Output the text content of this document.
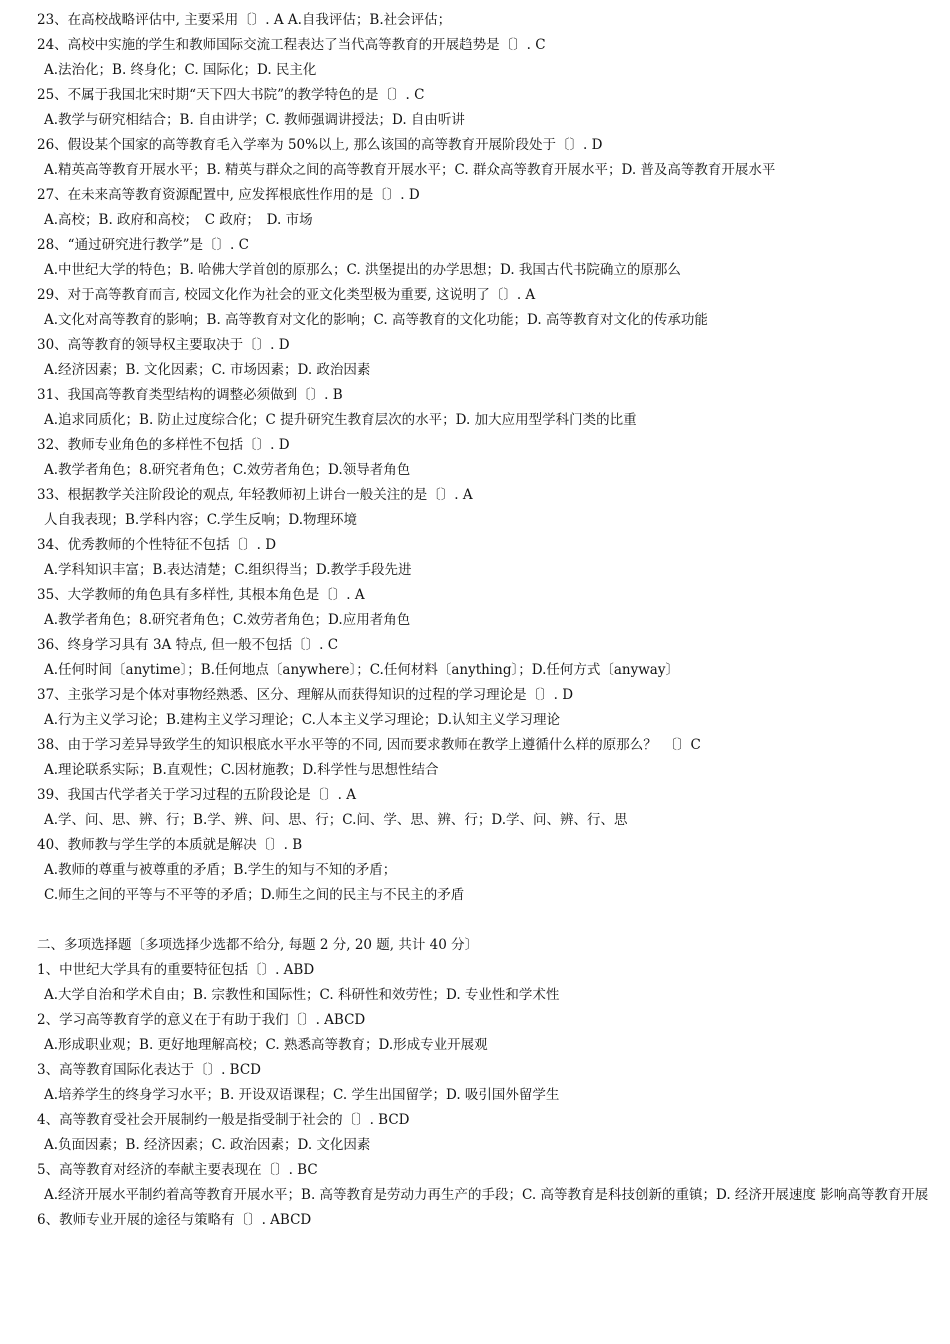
23、在高校战略评估中, 主要采用〔〕. A A.自我评估；B.社会评估；
24、高校中实施的学生和教师国际交流工程表达了当代高等教育的开展趋势是〔〕. C
A.法治化；B. 终身化；C. 国际化；D. 民主化
25、不属于我国北宋时期“天下四大书院”的教学特色的是〔〕. C
A.教学与研究相结合；B. 自由讲学；C. 教师强调讲授法；D. 自由听讲
26、假设某个国家的高等教育毛入学率为 50%以上, 那么该国的高等教育开展阶段处于〔〕. D
A.精英高等教育开展水平；B. 精英与群众之间的高等教育开展水平；C. 群众高等教育开展水平；D. 普及高等教育开展水平
27、在未来高等教育资源配置中, 应发挥根底性作用的是〔〕. D
A.高校；B. 政府和高校；　C 政府；　D. 市场
28、“通过研究进行教学”是〔〕. C
A.中世纪大学的特色；B. 哈佛大学首创的原那么；C. 洪堡提出的办学思想；D. 我国古代书院确立的原那么
29、对于高等教育而言, 校园文化作为社会的亚文化类型极为重要, 这说明了〔〕. A
A.文化对高等教育的影响；B. 高等教育对文化的影响；C. 高等教育的文化功能；D. 高等教育对文化的传承功能
30、高等教育的领导权主要取决于〔〕. D
A.经济因素；B. 文化因素；C. 市场因素；D. 政治因素
31、我国高等教育类型结构的调整必须做到〔〕. B
A.追求同质化；B. 防止过度综合化；C 提升研究生教育层次的水平；D. 加大应用型学科门类的比重
32、教师专业角色的多样性不包括〔〕. D
A.教学者角色；8.研究者角色；C.效劳者角色；D.领导者角色
33、根据教学关注阶段论的观点, 年轻教师初上讲台一般关注的是〔〕. A
人自我表现；B.学科内容；C.学生反响；D.物理环境
34、优秀教师的个性特征不包括〔〕. D
A.学科知识丰富；B.表达清楚；C.组织得当；D.教学手段先进
35、大学教师的角色具有多样性, 其根本角色是〔〕. A
A.教学者角色；8.研究者角色；C.效劳者角色；D.应用者角色
36、终身学习具有 3A 特点, 但一般不包括〔〕. C
A.任何时间〔anytime〕；B.任何地点〔anywhere〕；C.任何材料〔anything〕；D.任何方式〔anyway〕
37、主张学习是个体对事物经熟悉、区分、理解从而获得知识的过程的学习理论是〔〕. D
A.行为主义学习论；B.建构主义学习理论；C.人本主义学习理论；D.认知主义学习理论
38、由于学习差异导致学生的知识根底水平水平等的不同, 因而要求教师在教学上遵循什么样的原那么？　〔〕C
A.理论联系实际；B.直观性；C.因材施教；D.科学性与思想性结合
39、我国古代学者关于学习过程的五阶段论是〔〕. A
A.学、问、思、辨、行；B.学、辨、问、思、行；C.问、学、思、辨、行；D.学、问、辨、行、思
40、教师教与学生学的本质就是解决〔〕. B
A.教师的尊重与被尊重的矛盾；B.学生的知与不知的矛盾；
C.师生之间的平等与不平等的矛盾；D.师生之间的民主与不民主的矛盾
二、多项选择题〔多项选择少选都不给分, 每题 2 分, 20 题, 共计 40 分〕
1、中世纪大学具有的重要特征包括〔〕. ABD
A.大学自治和学术自由；B. 宗教性和国际性；C. 科研性和效劳性；D. 专业性和学术性
2、学习高等教育学的意义在于有助于我们〔〕. ABCD
A.形成职业观；B. 更好地理解高校；C. 熟悉高等教育；D.形成专业开展观
3、高等教育国际化表达于〔〕. BCD
A.培养学生的终身学习水平；B. 开设双语课程；C. 学生出国留学；D. 吸引国外留学生
4、高等教育受社会开展制约一般是指受制于社会的〔〕. BCD
A.负面因素；B. 经济因素；C. 政治因素；D. 文化因素
5、高等教育对经济的奉献主要表现在〔〕. BC
A.经济开展水平制约着高等教育开展水平；B. 高等教育是劳动力再生产的手段；C. 高等教育是科技创新的重镇；D. 经济开展速度 影响高等教育开展
6、教师专业开展的途径与策略有〔〕. ABCD
